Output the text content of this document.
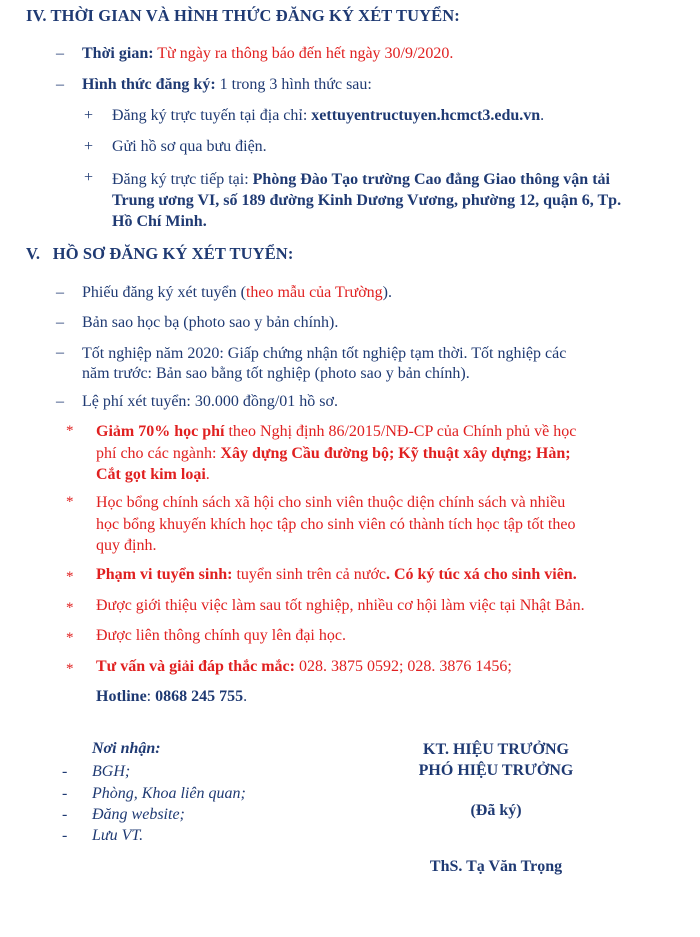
IV. THỜI GIAN VÀ HÌNH THỨC ĐĂNG KÝ XÉT TUYỂN:
– Thời gian: Từ ngày ra thông báo đến hết ngày 30/9/2020.
– Hình thức đăng ký: 1 trong 3 hình thức sau:
+ Đăng ký trực tuyến tại địa chỉ: xettuyentructuyen.hcmct3.edu.vn.
+ Gửi hồ sơ qua bưu điện.
+ Đăng ký trực tiếp tại: Phòng Đào Tạo trường Cao đẳng Giao thông vận tải
Trung ương VI, số 189 đường Kinh Dương Vương, phường 12, quận 6, Tp.
Hồ Chí Minh.
V.   HỒ SƠ ĐĂNG KÝ XÉT TUYỂN:
– Phiếu đăng ký xét tuyển (theo mẫu của Trường).
– Bản sao học bạ (photo sao y bản chính).
– Tốt nghiệp năm 2020: Giấp chứng nhận tốt nghiệp tạm thời. Tốt nghiệp các
năm trước: Bản sao bằng tốt nghiệp (photo sao y bản chính).
– Lệ phí xét tuyển: 30.000 đồng/01 hồ sơ.
* Giảm 70% học phí theo Nghị định 86/2015/NĐ-CP của Chính phủ về học
phí cho các ngành: Xây dựng Cầu đường bộ; Kỹ thuật xây dựng; Hàn;
Cắt gọt kim loại.
* Học bổng chính sách xã hội cho sinh viên thuộc diện chính sách và nhiều
học bổng khuyến khích học tập cho sinh viên có thành tích học tập tốt theo
quy định.
* Phạm vi tuyển sinh: tuyển sinh trên cả nước. Có ký túc xá cho sinh viên.
* Được giới thiệu việc làm sau tốt nghiệp, nhiều cơ hội làm việc tại Nhật Bản.
* Được liên thông chính quy lên đại học.
* Tư vấn và giải đáp thắc mắc: 028. 3875 0592; 028. 3876 1456;
Hotline: 0868 245 755.
Nơi nhận:
- BGH;
- Phòng, Khoa liên quan;
- Đăng website;
- Lưu VT.
KT. HIỆU TRƯỞNG
PHÓ HIỆU TRƯỞNG
(Đã ký)
ThS. Tạ Văn Trọng
